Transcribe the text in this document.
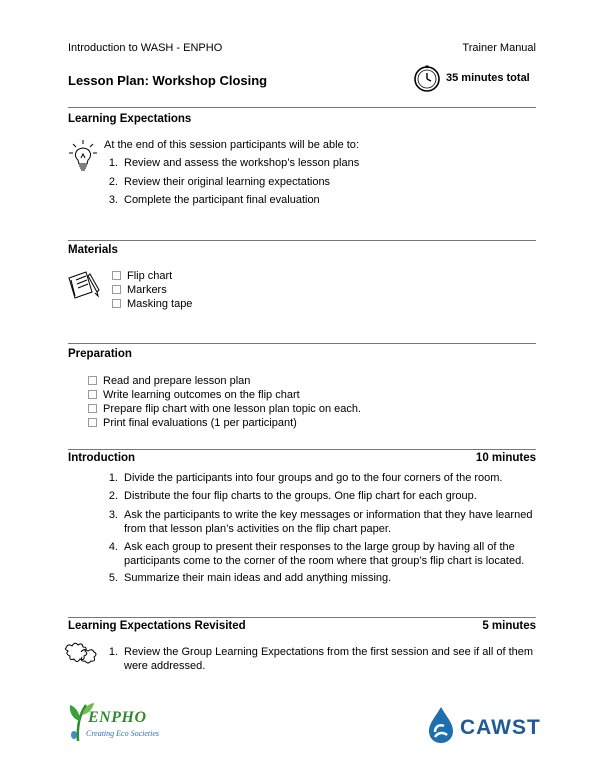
Introduction to WASH - ENPHO	Trainer Manual
Lesson Plan: Workshop Closing	35 minutes total
Learning Expectations
At the end of this session participants will be able to:
1. Review and assess the workshop’s lesson plans
2. Review their original learning expectations
3. Complete the participant final evaluation
Materials
Flip chart
Markers
Masking tape
Preparation
Read and prepare lesson plan
Write learning outcomes on the flip chart
Prepare flip chart with one lesson plan topic on each.
Print final evaluations (1 per participant)
Introduction	10 minutes
1. Divide the participants into four groups and go to the four corners of the room.
2. Distribute the four flip charts to the groups. One flip chart for each group.
3. Ask the participants to write the key messages or information that they have learned from that lesson plan’s activities on the flip chart paper.
4. Ask each group to present their responses to the large group by having all of the participants come to the corner of the room where that group’s flip chart is located.
5. Summarize their main ideas and add anything missing.
Learning Expectations Revisited	5 minutes
1. Review the Group Learning Expectations from the first session and see if all of them were addressed.
ENPHO
Creating Eco Societies	CAWST
